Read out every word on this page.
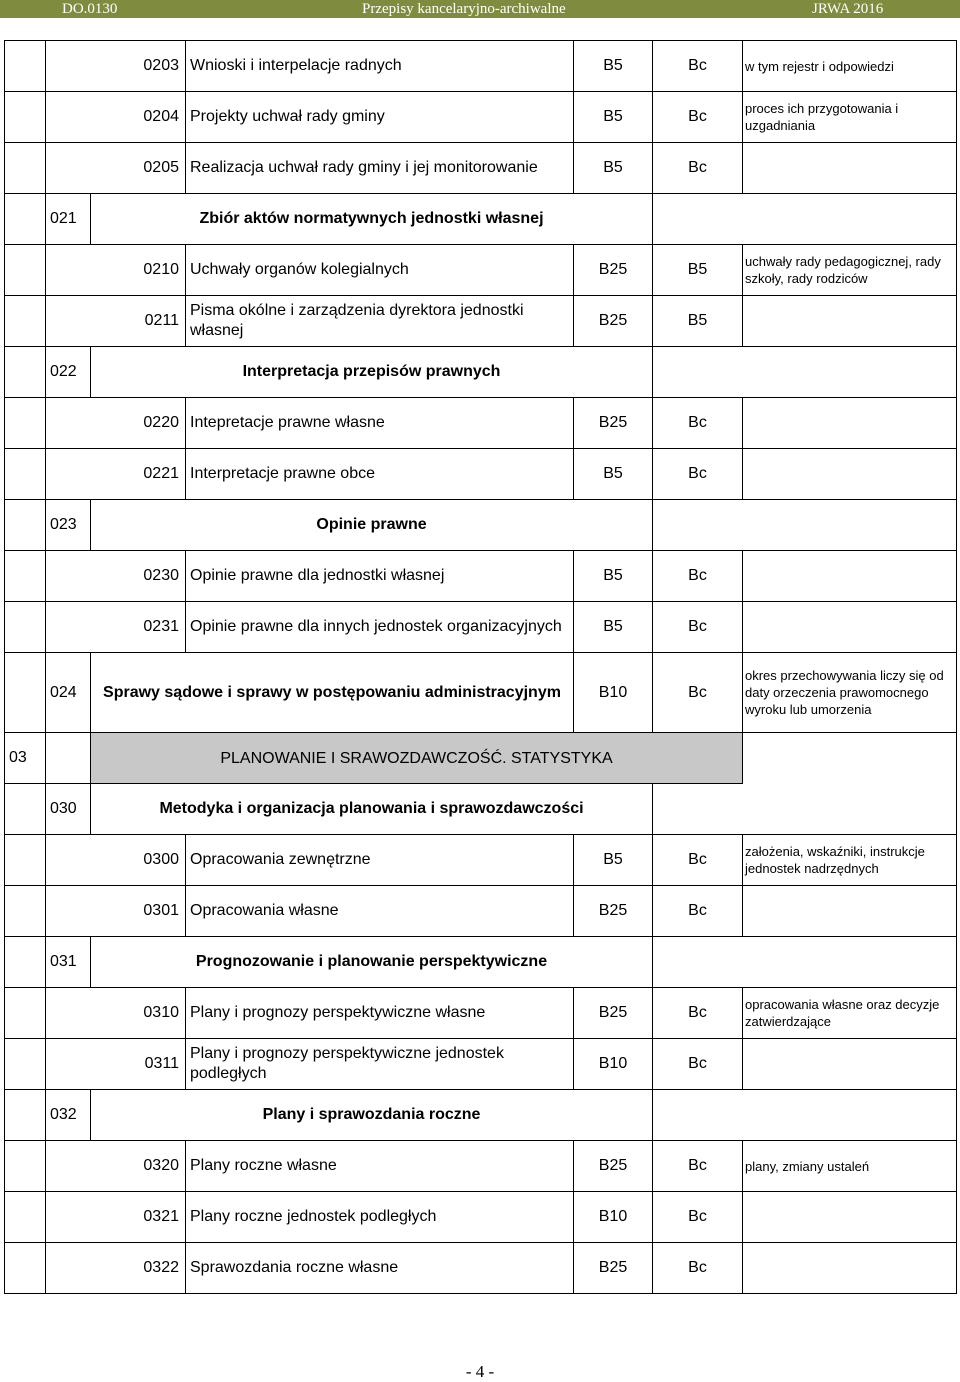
DO.0130	Przepisy kancelaryjno-archiwalne	JRWA 2016
		0203	Wnioski i interpelacje radnych	B5	Bc	w tym rejestr i odpowiedzi
		0204	Projekty uchwał rady gminy	B5	Bc	proces ich przygotowania i uzgadniania
		0205	Realizacja uchwał rady gminy i jej monitorowanie	B5	Bc	
	021	Zbiór aktów normatywnych jednostki własnej				
		0210	Uchwały organów kolegialnych	B25	B5	uchwały rady pedagogicznej, rady szkoły, rady rodziców
		0211	Pisma okólne i zarządzenia dyrektora jednostki własnej	B25	B5	
	022	Interpretacja przepisów prawnych				
		0220	Intepretacje prawne własne	B25	Bc	
		0221	Interpretacje prawne obce	B5	Bc	
	023	Opinie prawne				
		0230	Opinie prawne dla jednostki własnej	B5	Bc	
		0231	Opinie prawne dla innych jednostek organizacyjnych	B5	Bc	
	024	Sprawy sądowe i sprawy w postępowaniu administracyjnym		B10	Bc	okres przechowywania liczy się od daty orzeczenia prawomocnego wyroku lub umorzenia
03		PLANOWANIE I SRAWOZDAWCZOŚĆ. STATYSTYKA				
	030	Metodyka i organizacja planowania i sprawozdawczości				
		0300	Opracowania zewnętrzne	B5	Bc	założenia, wskaźniki, instrukcje jednostek nadrzędnych
		0301	Opracowania własne	B25	Bc	
	031	Prognozowanie i planowanie perspektywiczne				
		0310	Plany i prognozy perspektywiczne własne	B25	Bc	opracowania własne oraz decyzje zatwierdzające
		0311	Plany i prognozy perspektywiczne jednostek podległych	B10	Bc	
	032	Plany i sprawozdania roczne				
		0320	Plany roczne własne	B25	Bc	plany, zmiany ustaleń
		0321	Plany roczne jednostek podległych	B10	Bc	
		0322	Sprawozdania roczne własne	B25	Bc	
- 4 -
